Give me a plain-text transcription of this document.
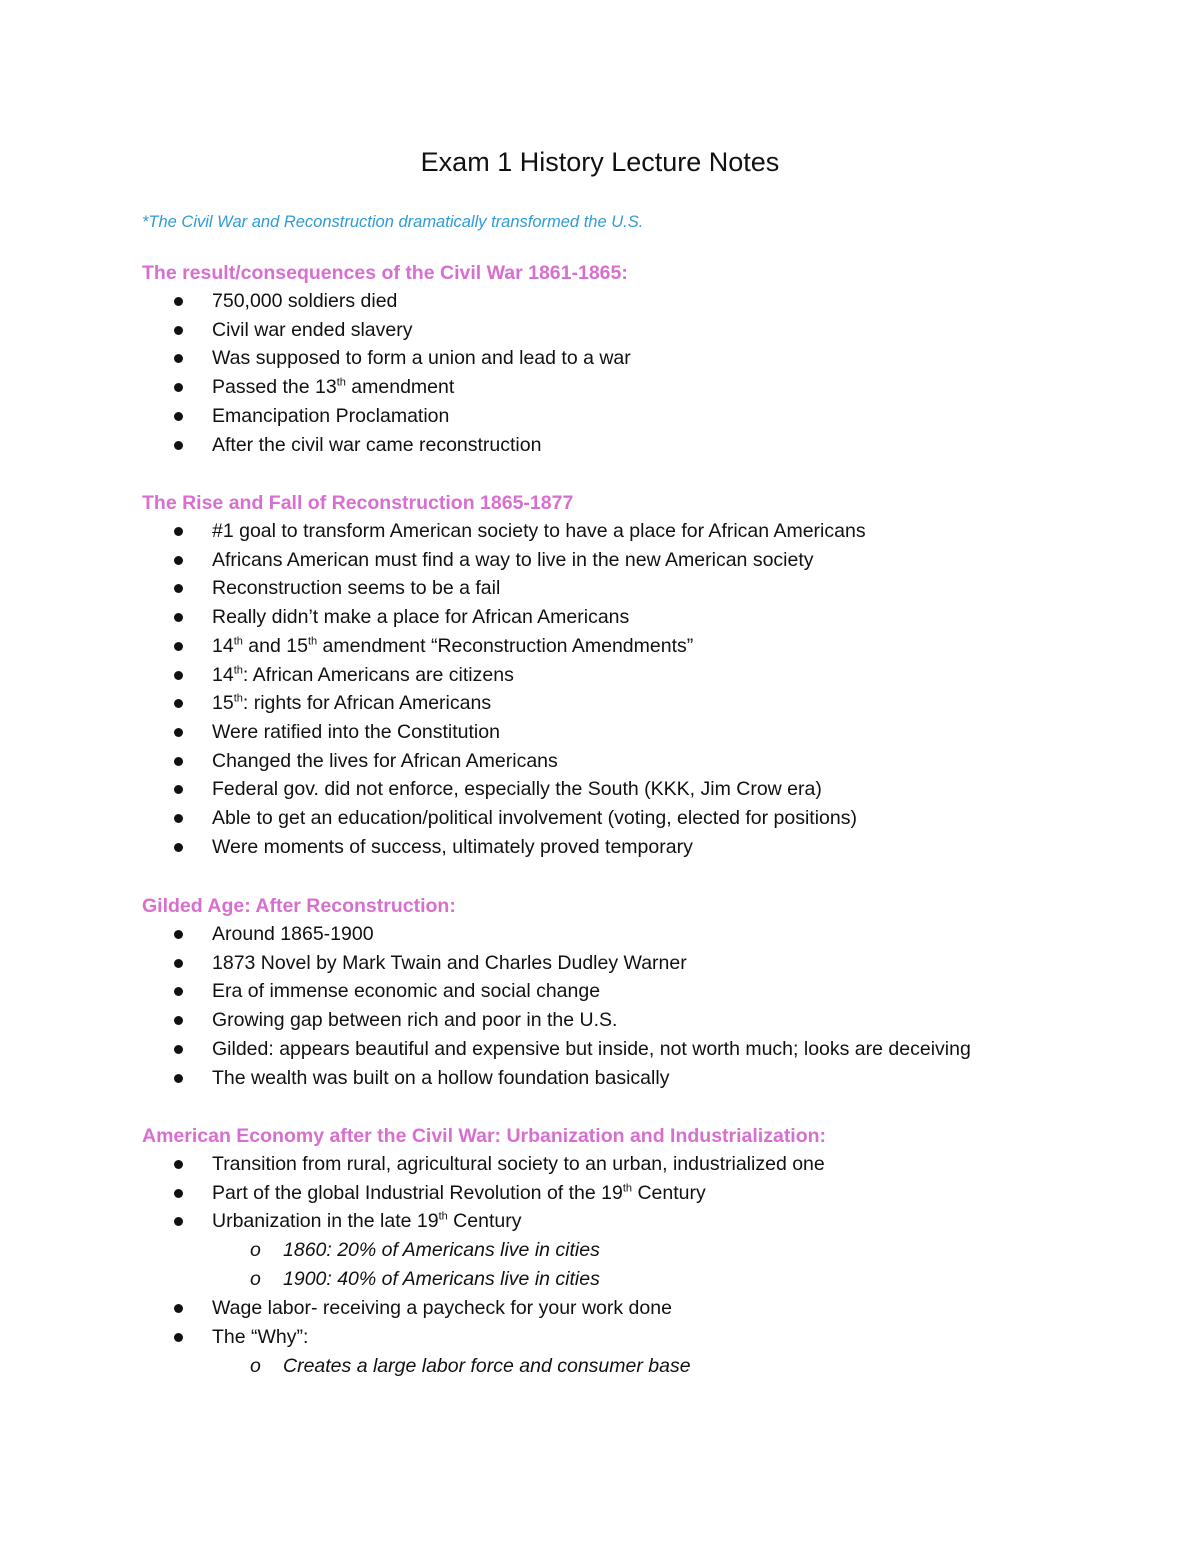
Exam 1 History Lecture Notes
*The Civil War and Reconstruction dramatically transformed the U.S.

The result/consequences of the Civil War 1861-1865:

750,000 soldiers died
Civil war ended slavery
Was supposed to form a union and lead to a war
Passed the 13th amendment
Emancipation Proclamation
After the civil war came reconstruction

The Rise and Fall of Reconstruction 1865-1877

#1 goal to transform American society to have a place for African Americans
Africans American must find a way to live in the new American society
Reconstruction seems to be a fail
Really didn’t make a place for African Americans
14th and 15th amendment “Reconstruction Amendments”
14th: African Americans are citizens
15th: rights for African Americans
Were ratified into the Constitution
Changed the lives for African Americans
Federal gov. did not enforce, especially the South (KKK, Jim Crow era)
Able to get an education/political involvement (voting, elected for positions)
Were moments of success, ultimately proved temporary

Gilded Age: After Reconstruction:

Around 1865-1900
1873 Novel by Mark Twain and Charles Dudley Warner
Era of immense economic and social change
Growing gap between rich and poor in the U.S.
Gilded: appears beautiful and expensive but inside, not worth much; looks are deceiving
The wealth was built on a hollow foundation basically

American Economy after the Civil War: Urbanization and Industrialization:

Transition from rural, agricultural society to an urban, industrialized one
Part of the global Industrial Revolution of the 19th Century
Urbanization in the late 19th Century
o 1860: 20% of Americans live in cities
o 1900: 40% of Americans live in cities
Wage labor- receiving a paycheck for your work done
The “Why”:
o Creates a large labor force and consumer base
